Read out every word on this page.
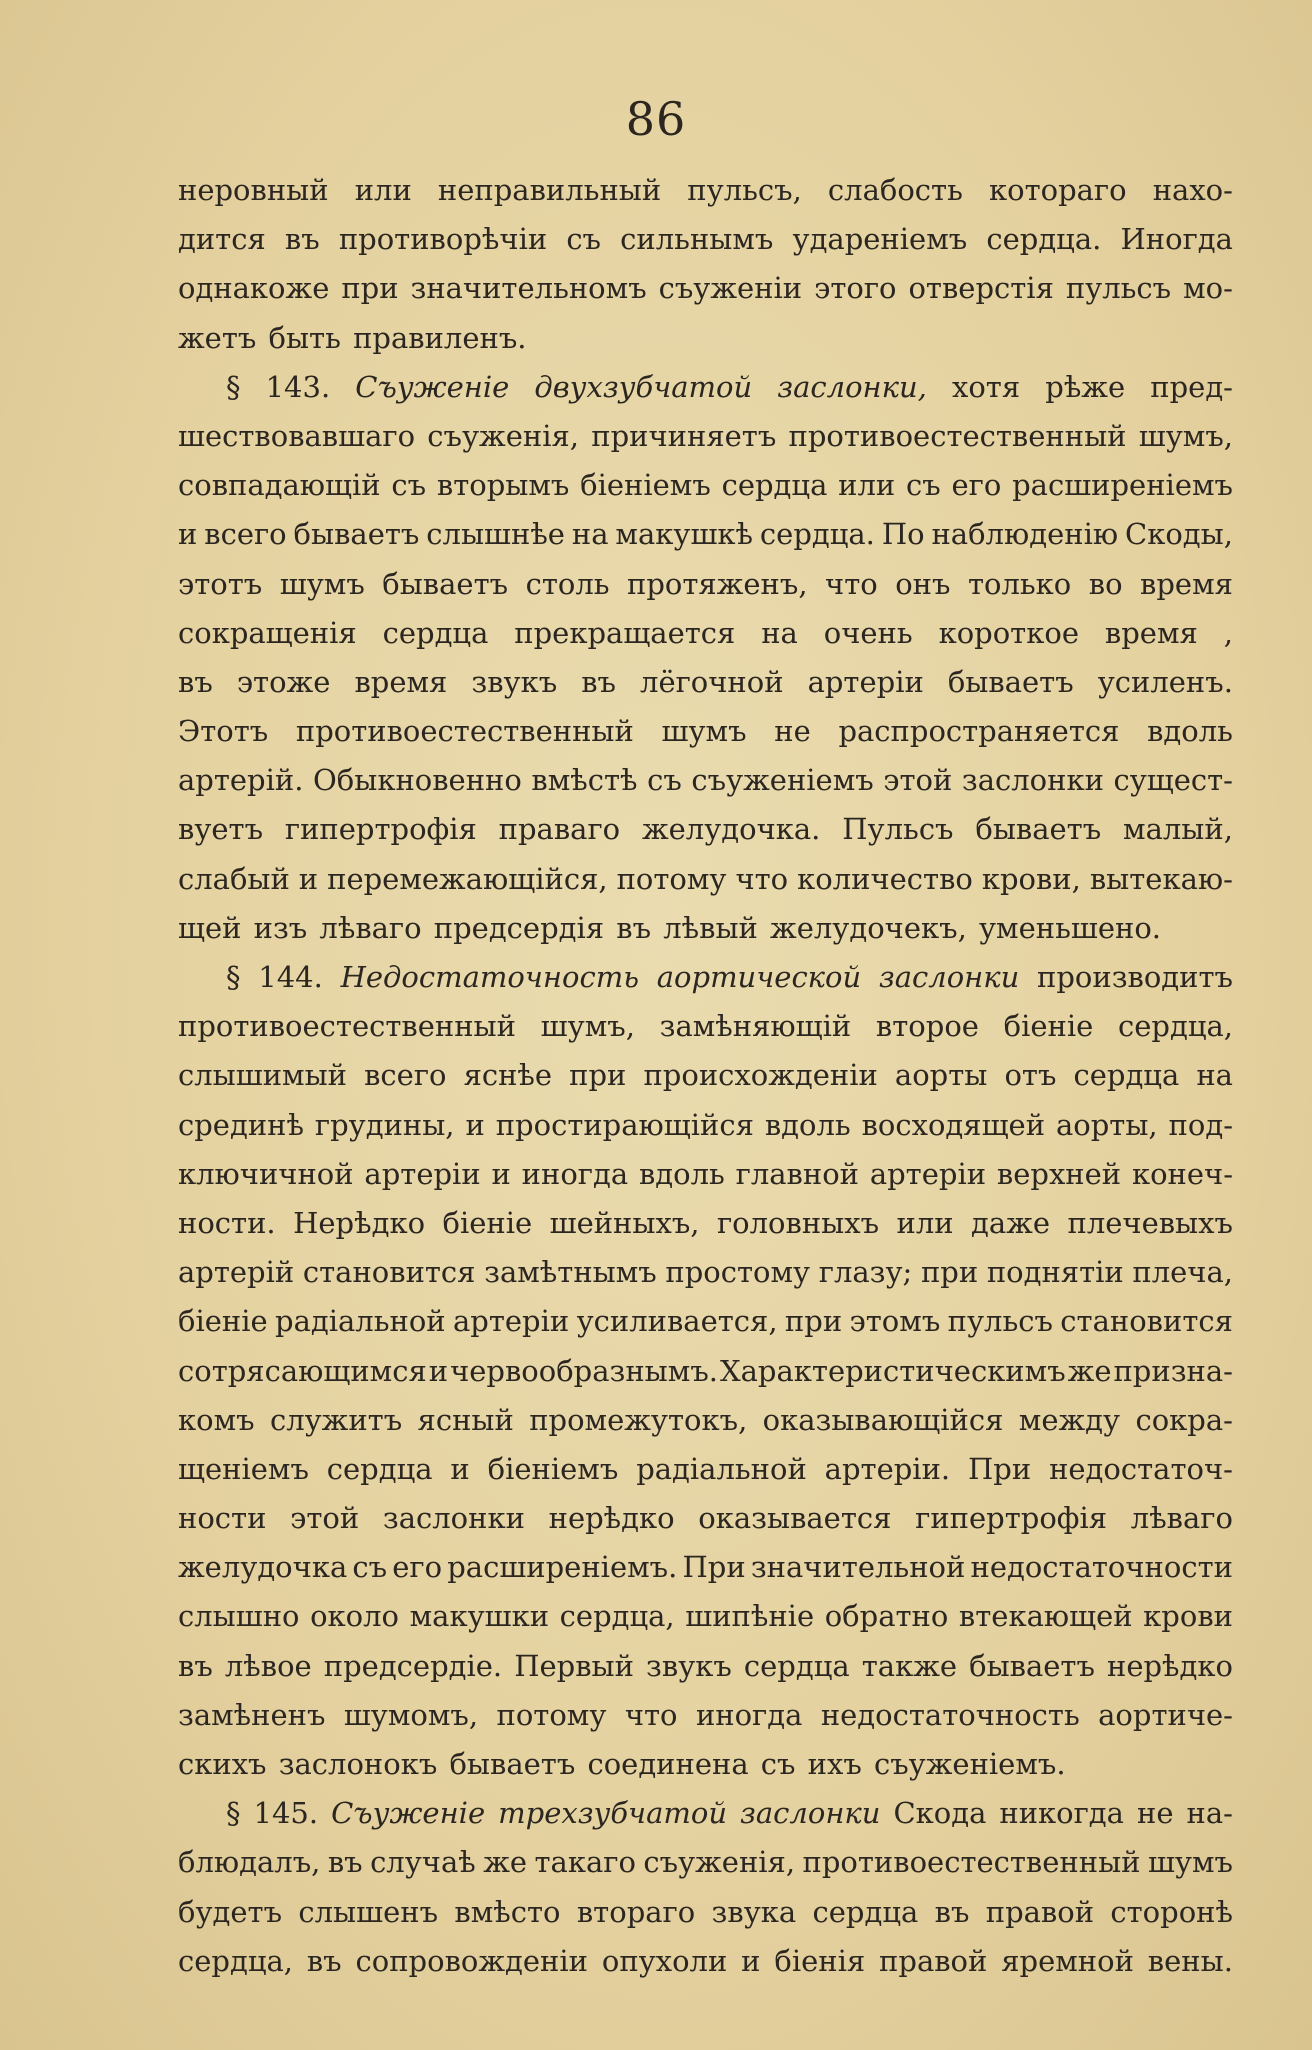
86
неровный или неправильный пульсъ, слабость котораго нахо-
дится въ противорѣчіи съ сильнымъ удареніемъ сердца. Иногда
однакоже при значительномъ съуженіи этого отверстія пульсъ мо-
жетъ быть правиленъ.
§ 143. Съуженіе двухзубчатой заслонки, хотя рѣже пред-
шествовавшаго съуженія, причиняетъ противоестественный шумъ,
совпадающій съ вторымъ біеніемъ сердца или съ его расширеніемъ
и всего бываетъ слышнѣе на макушкѣ сердца. По наблюденію Скоды,
этотъ шумъ бываетъ столь протяженъ, что онъ только во время
сокращенія сердца прекращается на очень короткое время ,
въ этоже время звукъ въ лёгочной артеріи бываетъ усиленъ.
Этотъ противоестественный шумъ не распространяется вдоль
артерій. Обыкновенно вмѣстѣ съ съуженіемъ этой заслонки сущест-
вуетъ гипертрофія праваго желудочка. Пульсъ бываетъ малый,
слабый и перемежающійся, потому что количество крови, вытекаю-
щей изъ лѣваго предсердія въ лѣвый желудочекъ, уменьшено.
§ 144. Недостаточность аортической заслонки производитъ
противоестественный шумъ, замѣняющій второе біеніе сердца,
слышимый всего яснѣе при происхожденіи аорты отъ сердца на
срединѣ грудины, и простирающійся вдоль восходящей аорты, под-
ключичной артеріи и иногда вдоль главной артеріи верхней конеч-
ности. Нерѣдко біеніе шейныхъ, головныхъ или даже плечевыхъ
артерій становится замѣтнымъ простому глазу; при поднятіи плеча,
біеніе радіальной артеріи усиливается, при этомъ пульсъ становится
сотрясающимся и червообразнымъ. Характеристическимъ же призна-
комъ служитъ ясный промежутокъ, оказывающійся между сокра-
щеніемъ сердца и біеніемъ радіальной артеріи. При недостаточ-
ности этой заслонки нерѣдко оказывается гипертрофія лѣваго
желудочка съ его расширеніемъ. При значительной недостаточности
слышно около макушки сердца, шипѣніе обратно втекающей крови
въ лѣвое предсердіе. Первый звукъ сердца также бываетъ нерѣдко
замѣненъ шумомъ, потому что иногда недостаточность аортиче-
скихъ заслонокъ бываетъ соединена съ ихъ съуженіемъ.
§ 145. Съуженіе трехзубчатой заслонки Скода никогда не на-
блюдалъ, въ случаѣ же такаго съуженія, противоестественный шумъ
будетъ слышенъ вмѣсто втораго звука сердца въ правой сторонѣ
сердца, въ сопровожденіи опухоли и біенія правой яремной вены.
